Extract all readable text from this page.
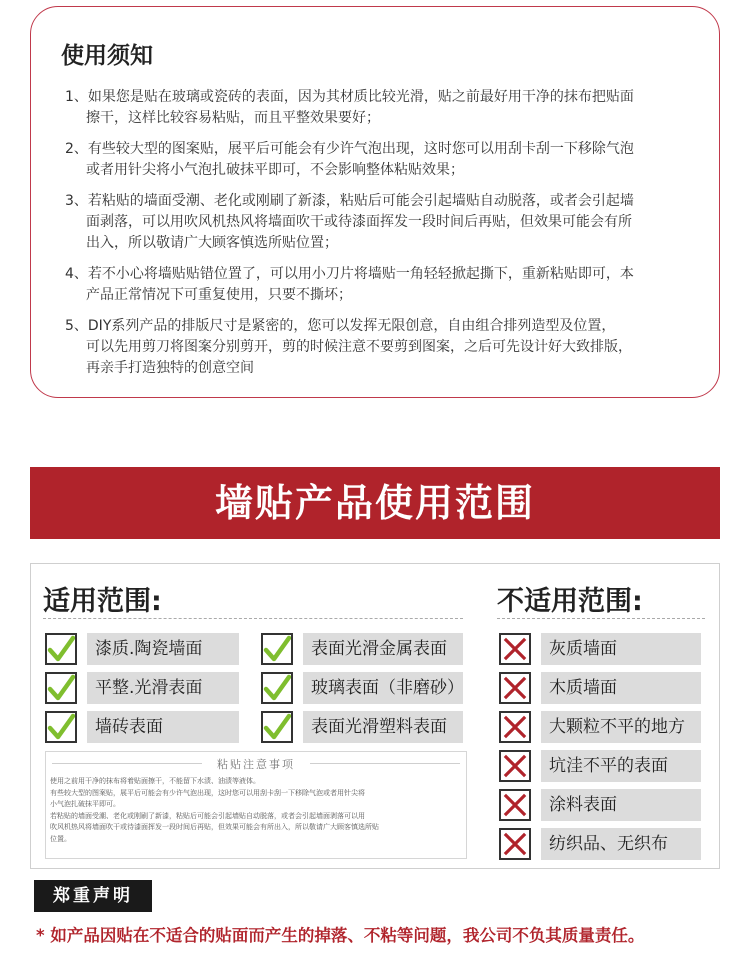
使用须知
1、如果您是贴在玻璃或瓷砖的表面，因为其材质比较光滑，贴之前最好用干净的抹布把贴面
擦干，这样比较容易粘贴，而且平整效果要好；
2、有些较大型的图案贴，展平后可能会有少许气泡出现，这时您可以用刮卡刮一下移除气泡
或者用针尖将小气泡扎破抹平即可，不会影响整体粘贴效果；
3、若粘贴的墙面受潮、老化或刚刷了新漆，粘贴后可能会引起墙贴自动脱落，或者会引起墙
面剥落，可以用吹风机热风将墙面吹干或待漆面挥发一段时间后再贴，但效果可能会有所
出入，所以敬请广大顾客慎选所贴位置；
4、若不小心将墙贴贴错位置了，可以用小刀片将墙贴一角轻轻掀起撕下，重新粘贴即可，本
产品正常情况下可重复使用，只要不撕坏；
5、DIY系列产品的排版尺寸是紧密的，您可以发挥无限创意，自由组合排列造型及位置，
可以先用剪刀将图案分别剪开，剪的时候注意不要剪到图案，之后可先设计好大致排版，
再亲手打造独特的创意空间
墙贴产品使用范围
适用范围:	不适用范围:
漆质.陶瓷墙面	表面光滑金属表面
平整.光滑表面	玻璃表面（非磨砂）
墙砖表面	表面光滑塑料表面
灰质墙面
木质墙面
大颗粒不平的地方
坑洼不平的表面
涂料表面
纺织品、无织布
粘贴注意事项
使用之前用干净的抹布将着贴面擦干，不能留下水渍、油渍等液体。
有些较大型的图案贴，展平后可能会有少许气泡出现，这时您可以用刮卡刮一下移除气泡或者用针尖将
小气泡扎破抹平即可。
若粘贴的墙面受潮、老化或刚刷了新漆，粘贴后可能会引起墙贴自动脱落，或者会引起墙面剥落可以用
吹风机热风将墙面吹干或待漆面挥发一段时间后再贴，但效果可能会有所出入，所以敬请广大顾客慎选所贴
位置。
郑重声明
* 如产品因贴在不适合的贴面而产生的掉落、不粘等问题，我公司不负其质量责任。
